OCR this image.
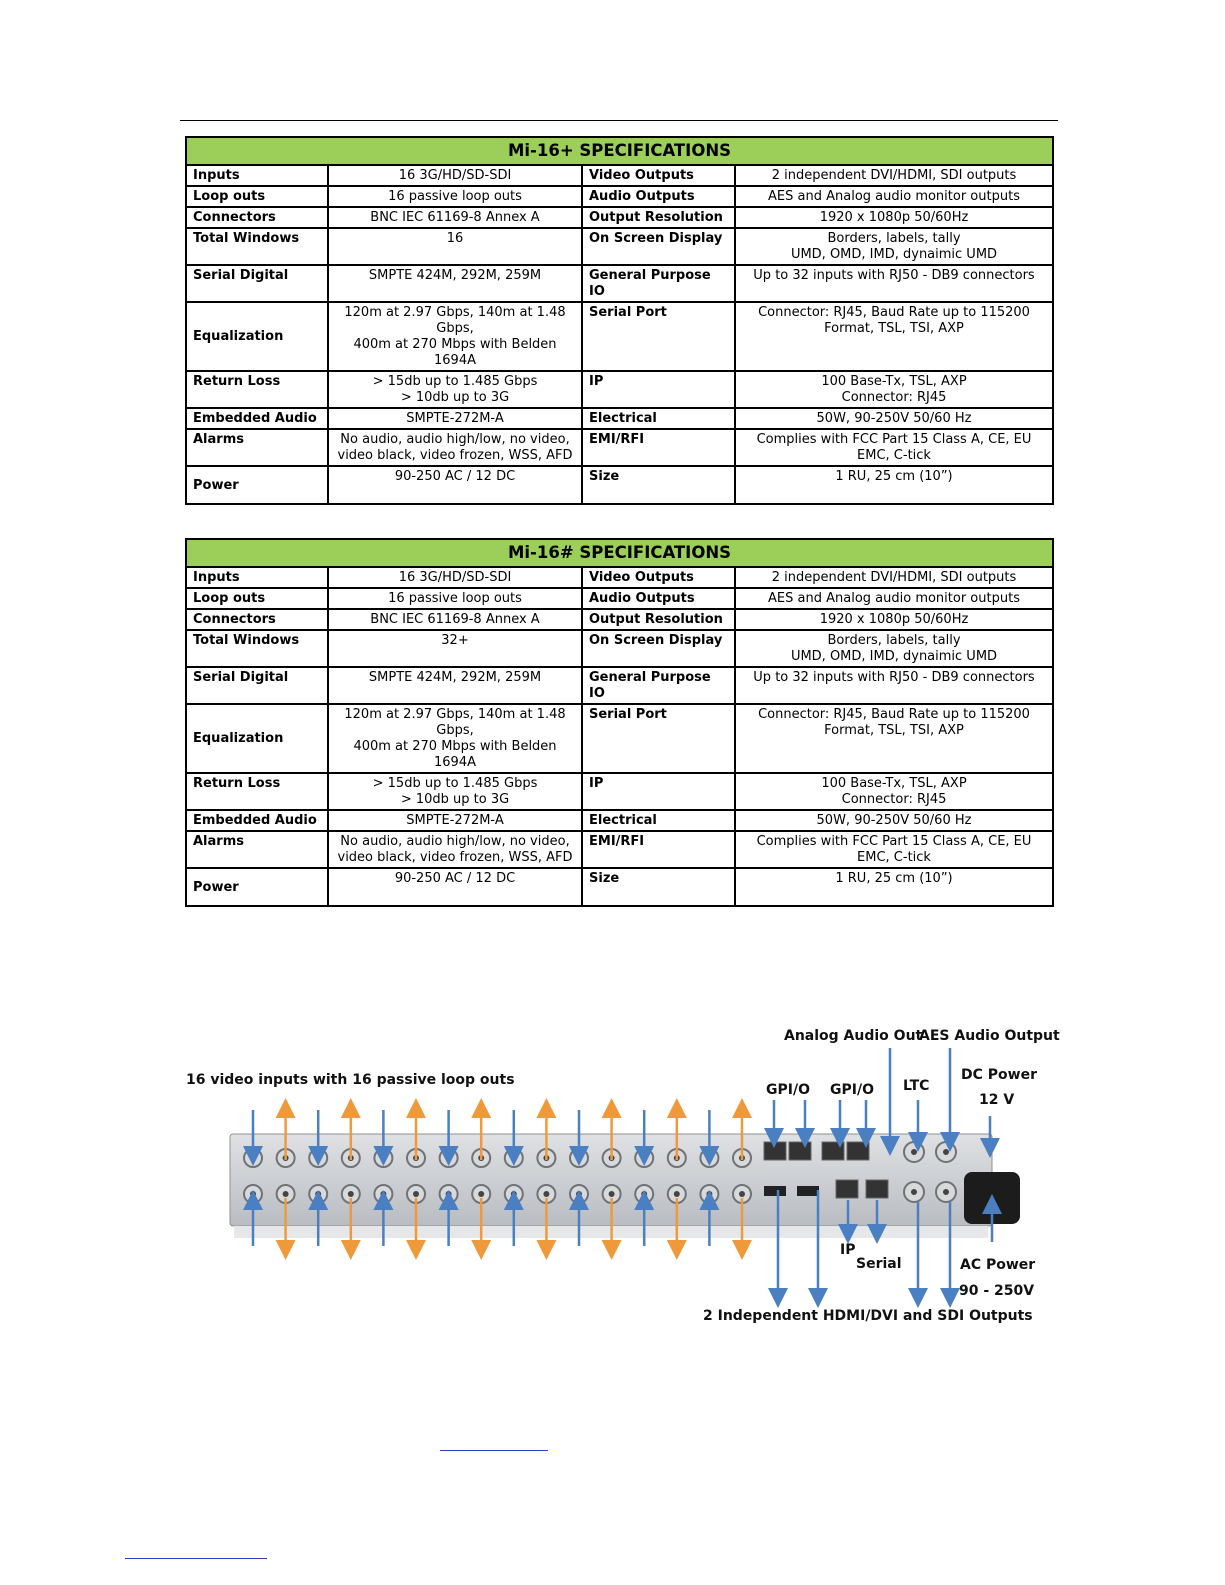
Mi-16+ SPECIFICATIONS			
Inputs	16 3G/HD/SD-SDI	Video Outputs	2 independent DVI/HDMI, SDI outputs

Loop outs	16 passive loop outs	Audio Outputs	AES and Analog audio monitor outputs

Connectors	BNC IEC 61169-8 Annex A	Output Resolution	1920 x 1080p 50/60Hz

Total Windows	16	On Screen Display	Borders, labels, tally
UMD, OMD, IMD, dynaimic UMD

Serial Digital	SMPTE 424M, 292M, 259M	General Purpose IO	Up to 32 inputs with RJ50 - DB9 connectors

Equalization	120m at 2.97 Gbps, 140m at 1.48 Gbps,
400m at 270 Mbps with Belden 1694A	Serial Port	Connector: RJ45, Baud Rate up to 115200
Format, TSL, TSI, AXP

Return Loss	> 15db up to 1.485 Gbps
> 10db up to 3G	IP	100 Base-Tx, TSL, AXP
Connector: RJ45

Embedded Audio	SMPTE-272M-A	Electrical	50W, 90-250V 50/60 Hz

Alarms	No audio, audio high/low, no video,
video black, video frozen, WSS, AFD	EMI/RFI	Complies with FCC Part 15 Class A, CE, EU
EMC, C-tick

Power	90-250 AC / 12 DC	Size	1 RU, 25 cm (10”)
Mi-16# SPECIFICATIONS			
Inputs	16 3G/HD/SD-SDI	Video Outputs	2 independent DVI/HDMI, SDI outputs

Loop outs	16 passive loop outs	Audio Outputs	AES and Analog audio monitor outputs

Connectors	BNC IEC 61169-8 Annex A	Output Resolution	1920 x 1080p 50/60Hz

Total Windows	32+	On Screen Display	Borders, labels, tally
UMD, OMD, IMD, dynaimic UMD

Serial Digital	SMPTE 424M, 292M, 259M	General Purpose IO	Up to 32 inputs with RJ50 - DB9 connectors

Equalization	120m at 2.97 Gbps, 140m at 1.48 Gbps,
400m at 270 Mbps with Belden 1694A	Serial Port	Connector: RJ45, Baud Rate up to 115200
Format, TSL, TSI, AXP

Return Loss	> 15db up to 1.485 Gbps
> 10db up to 3G	IP	100 Base-Tx, TSL, AXP
Connector: RJ45

Embedded Audio	SMPTE-272M-A	Electrical	50W, 90-250V 50/60 Hz

Alarms	No audio, audio high/low, no video,
video black, video frozen, WSS, AFD	EMI/RFI	Complies with FCC Part 15 Class A, CE, EU
EMC, C-tick

Power	90-250 AC / 12 DC	Size	1 RU, 25 cm (10”)
16 video inputs with 16 passive loop outs
Analog Audio Out
AES Audio Output
GPI/O GPI/O LTC
DC Power
12 V
IP
Serial	AC Power
90 - 250V
2 Independent HDMI/DVI and SDI Outputs
